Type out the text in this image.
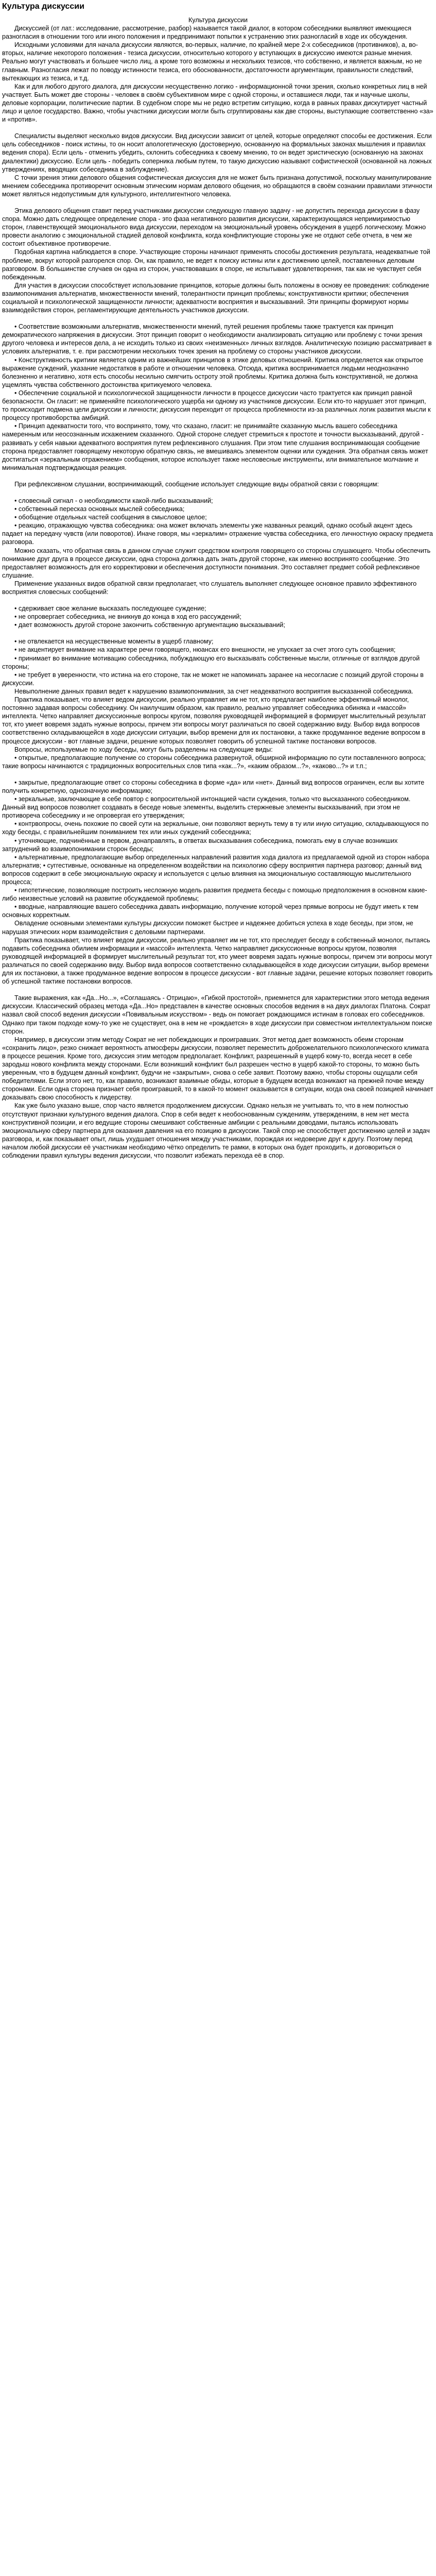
Культура дискуссии

Культура дискуссии

Дискуссией (от лат.: исследование, рассмотрение, разбор) называется такой диалог, в котором собеседники выявляют имеющиеся разногласия в отношении того или иного положения и предпринимают попытки к устранению этих разногласий в ходе их обсуждения.

Исходными условиями для начала дискуссии являются, во-первых, наличие, по крайней мере 2-х собеседников (противников), а, во-вторых, наличие некоторого положения - тезиса дискуссии, относительно которого у вступающих в дискуссию имеются разные мнения. Реально могут участвовать и большее число лиц, а кроме того возможны и нескольких тезисов, что собственно, и является важным, но не главным. Разногласия лежат по поводу истинности тезиса, его обоснованности, достаточности аргументации, правильности следствий, вытекающих из тезиса, и т.д.

Как и для любого другого диалога, для дискуссии несущественно логико - информационной точки зрения, сколько конкретных лиц в ней участвует. Быть может две стороны - человек в своём субъективном мире с одной стороны, и оставшиеся люди, так и научные школы, деловые корпорации, политические партии. В судебном споре мы не редко встретим ситуацию, когда в равных правах дискутирует частный лицо и целое государство. Важно, чтобы участники дискуссии могли быть сгруппированы как две стороны, выступающие соответственно «за» и «против».

Специалисты выделяют несколько видов дискуссии. Вид дискуссии зависит от целей, которые определяют способы ее достижения. Если цель собеседников - поиск истины, то он носит апологетическую (достоверную, основанную на формальных законах мышления и правилах ведения спора). Если цель - отменить убедить, склонить собеседника к своему мнению, то он ведет эристическую (основанную на законах диалектики) дискуссию. Если цель - победить соперника любым путем, то такую дискуссию называют софистической (основанной на ложных утверждениях, вводящих собеседника в заблуждение).

С точки зрения этики делового общения софистическая дискуссия для не может быть признана допустимой, поскольку манипулирование мнением собеседника противоречит основным этическим нормам делового общения, но обращаются в своём сознании правилами этичности может являться недопустимым для культурного, интеллигентного человека.

Этика делового общения ставит перед участниками дискуссии следующую главную задачу - не допустить перехода дискуссии в фазу спора. Можно дать следующее определение спора - это фаза негативного развития дискуссии, характеризующаяся непримиримостью сторон, главенствующей эмоционального вида дискуссии, переходом на эмоциональный уровень обсуждения в ущерб логическому. Можно провести аналогию с эмоциональной стадией деловой конфликта, когда конфликтующие стороны уже не отдают себе отчета, в чем же состоит объективное противоречие.

Подобная картина наблюдается в споре. Участвующие стороны начинают применять способы достижения результата, неадекватные той проблеме, вокруг которой разгорелся спор. Он, как правило, не ведет к поиску истины или к достижению целей, поставленных деловым разговором. В большинстве случаев он одна из сторон, участвовавших в споре, не испытывает удовлетворения, так как не чувствует себя побежденным.

Для участия в дискуссии способствует использование принципов, которые должны быть положены в основу ее проведения: соблюдение взаимопонимания альтернатив, множественности мнений, толерантности принцип проблемы; конструктивности критики; обеспечения социальной и психологической защищенности личности; адекватности восприятия и высказываний. Эти принципы формируют нормы взаимодействия сторон, регламентирующие деятельность участников дискуссии.

• Соответствие возможными альтернатив, множественности мнений, путей решения проблемы также трактуется как принцип демократического напряжения в дискуссии. Этот принцип говорит о необходимости анализировать ситуацию или проблему с точки зрения другого человека и интересов дела, а не исходить только из своих «неизменных» личных взглядов. Аналитическую позицию рассматривает в условиях альтернатив, т. е. при рассмотрении нескольких точек зрения на проблему со стороны участников дискуссии.

• Конструктивность критики является одним из важнейших принципов в этике деловых отношений. Критика определяется как открытое выражение суждений, указание недостатков в работе и отношении человека. Отсюда, критика воспринимается людьми неоднозначно болезненно и негативно, хотя есть способы несильно смягчить остроту этой проблемы. Критика должна быть конструктивной, не должна ущемлять чувства собственного достоинства критикуемого человека.

• Обеспечение социальной и психологической защищенности личности в процессе дискуссии часто трактуется как принцип равной безопасности. Он гласит: не применяйте психологического ущерба ни одному из участников дискуссии. Если кто-то нарушает этот принцип, то происходит подмена цели дискуссии и личности; дискуссия переходит от процесса проблемности из-за различных логик развития мысли к процессу противоборства амбиций.

• Принцип адекватности того, что воспринято, тому, что сказано, гласит: не принимайте сказанную мысль вашего собеседника намеренным или неосознанным искажением сказанного. Одной стороне следует стремиться к простоте и точности высказываний, другой - развивать у себя навыки адекватного восприятия путем рефлексивного слушания. При этом типе слушания воспринимающая сообщение сторона предоставляет говорящему некоторую обратную связь, не вмешиваясь элементом оценки или суждения. Эта обратная связь может достигаться «зеркальным отражением» сообщения, которое использует также несловесные инструменты, или внимательное молчание и минимальная подтверждающая реакция.

При рефлексивном слушании, воспринимающий, сообщение использует следующие виды обратной связи с говорящим:

• словесный сигнал - о необходимости какой-либо высказываний;

• собственный пересказ основных мыслей собеседника;

• обобщение отдельных частей сообщения в смысловое целое;

• реакцию, отражающую чувства собеседника: она может включать элементы уже названных реакций, однако особый акцент здесь падает на передачу чувств (или поворотов). Иначе говоря, мы «зеркалим» отражение чувства собеседника, его личностную окраску предмета разговора.

Можно сказать, что обратная связь в данном случае служит средством контроля говорящего со стороны слушающего. Чтобы обеспечить понимание друг друга в процессе дискуссии, одна сторона должна дать знать другой стороне, как именно воспринято сообщение. Это предоставляет возможность для его корректировки и обеспечения доступности понимания. Это составляет предмет собой рефлексивное слушание.

Применение указанных видов обратной связи предполагает, что слушатель выполняет следующее основное правило эффективного восприятия словесных сообщений:

• сдерживает свое желание высказать последующее суждение;

• не опровергает собеседника, не вникнув до конца в ход его рассуждений;

• дает возможность другой стороне закончить собственную аргументацию высказываний;

• не отвлекается на несущественные моменты в ущерб главному;

• не акцентирует внимание на характере речи говорящего, нюансах его внешности, не упускает за счет этого суть сообщения;

• принимает во внимание мотивацию собеседника, побуждающую его высказывать собственные мысли, отличные от взглядов другой стороны;

• не требует в уверенности, что истина на его стороне, так не может не напоминать заранее на несогласие с позиций другой стороны в дискуссии.

Невыполнение данных правил ведет к нарушению взаимопонимания, за счет неадекватного восприятия высказанной собеседника.

Практика показывает, что влияет ведом дискуссии, реально управляет им не тот, кто предлагает наиболее эффективный монолог, постоянно задавая вопросы собеседнику. Он наилучшим образом, как правило, реально управляет собеседника обиняка и «массой» интеллекта. Четко направляет дискуссионные вопросы кругом, позволяя руководящей информацией в формирует мыслительный результат тот, кто умеет вовремя задать нужные вопросы, причем эти вопросы могут различаться по своей содержанию виду. Выбор вида вопросов соответственно складывающейся в ходе дискуссии ситуации, выбор времени для их постановки, а также продуманное ведение вопросом в процессе дискуссии - вот главные задачи, решение которых позволяет говорить об успешной тактике постановки вопросов.

Вопросы, используемые по ходу беседы, могут быть разделены на следующие виды:

• открытые, предполагающие получение со стороны собеседника развернутой, обширной информацию по сути поставленного вопроса; такие вопросы начинаются с традиционных вопросительных слов типа «как...?», «каким образом...?», «каково...?» и т.п.;

• закрытые, предполагающие ответ со стороны собеседника в форме «да» или «нет». Данный вид вопросов ограничен, если вы хотите получить конкретную, однозначную информацию;

• зеркальные, заключающие в себе повтор с вопросительной интонацией части суждения, только что высказанного собеседником. Данный вид вопросов позволяет создавать в беседе новые элементы, выделить стержневые элементы высказываний, при этом не противореча собеседнику и не опровергая его утверждения;

• контрвопросы, очень похожие по своей сути на зеркальные, они позволяют вернуть тему в ту или иную ситуацию, складывающуюся по ходу беседы, с правильнейшим пониманием тех или иных суждений собеседника;

• уточняющие, подчинённые в первом, донаправлять, в ответах высказывания собеседника, помогать ему в случае возникших затруднений во взаимопонимании сторон беседы;

• альтернативные, предполагающие выбор определенных направлений развития хода диалога из предлагаемой одной из сторон набора альтернатив; • суггестивные, основанные на определенном воздействии на психологию сферу восприятия партнера разговор; данный вид вопросов содержит в себе эмоциональную окраску и используется с целью влияния на эмоциональную составляющую мыслительного процесса;

• гипотетические, позволяющие построить несложную модель развития предмета беседы с помощью предположения в основном какие-либо неизвестные условий на развитие обсуждаемой проблемы;

• вводные, направляющие вашего собеседника давать информацию, получение которой через прямые вопросы не будут иметь к тем основных корректным.

Овладение основными элементами культуры дискуссии поможет быстрее и надежнее добиться успеха в ходе беседы, при этом, не нарушая этических норм взаимодействия с деловыми партнерами.

Практика показывает, что влияет ведом дискуссии, реально управляет им не тот, кто преследует беседу в собственный монолог, пытаясь подавить собеседника обилием информации и «массой» интеллекта. Четко направляет дискуссионные вопросы кругом, позволяя руководящей информацией в формирует мыслительный результат тот, кто умеет вовремя задать нужные вопросы, причем эти вопросы могут различаться по своей содержанию виду. Выбор вида вопросов соответственно складывающейся в ходе дискуссии ситуации, выбор времени для их постановки, а также продуманное ведение вопросом в процессе дискуссии - вот главные задачи, решение которых позволяет говорить об успешной тактике постановки вопросов.

Такие выражения, как «Да...Но...», «Соглашаясь - Отрицаю», «Гибкой простотой», приемнется для характеристики этого метода ведения дискуссии. Классический образец метода «Да...Но» представлен в качестве основных способов ведения в на двух диалогах Платона. Сократ назвал свой способ ведения дискуссии «Повивальным искусством» - ведь он помогает рождающимся истинам в головах его собеседников. Однако при таком подходе кому-то уже не существует, она в нем не «рождается» в ходе дискуссии при совместном интеллектуальном поиске сторон.

Например, в дискуссии этим методу Сократ не нет побеждающих и проигравших. Этот метод дает возможность обеим сторонам «сохранить лицо», резко снижает вероятность атмосферы дискуссии, позволяет переместить доброжелательного психологического климата в процессе решения. Кроме того, дискуссия этим методом предполагает. Конфликт, разрешенный в ущерб кому-то, всегда несет в себе зародыш нового конфликта между сторонами. Если возникший конфликт был разрешен честно в ущерб какой-то стороны, то можно быть уверенным, что в будущем данный конфликт, будучи не «закрытым», снова о себе заявит. Поэтому важно, чтобы стороны ощущали себя победителями. Если этого нет, то, как правило, возникают взаимные обиды, которые в будущем всегда возникают на прежней почве между сторонами. Если одна сторона признает себя проигравшей, то в какой-то момент оказывается в ситуации, когда она своей позицией начинает доказывать свою способность к лидерству.

Как уже было указано выше, спор часто является продолжением дискуссии. Однако нельзя не учитывать то, что в нем полностью отсутствуют признаки культурного ведения диалога. Спор в себя ведет к необоснованным суждениям, утверждениям, в нем нет места конструктивной позиции, и его ведущие стороны смешивают собственные амбиции с реальными доводами, пытаясь использовать эмоциональную сферу партнера для оказания давления на его позицию в дискуссии. Такой спор не способствует достижению целей и задач разговора, и, как показывает опыт, лишь ухудшает отношения между участниками, порождая их недоверие друг к другу. Поэтому перед началом любой дискуссии её участникам необходимо чётко определить те рамки, в которых она будет проходить, и договориться о соблюдении правил культуры ведения дискуссии, что позволит избежать перехода её в спор.
